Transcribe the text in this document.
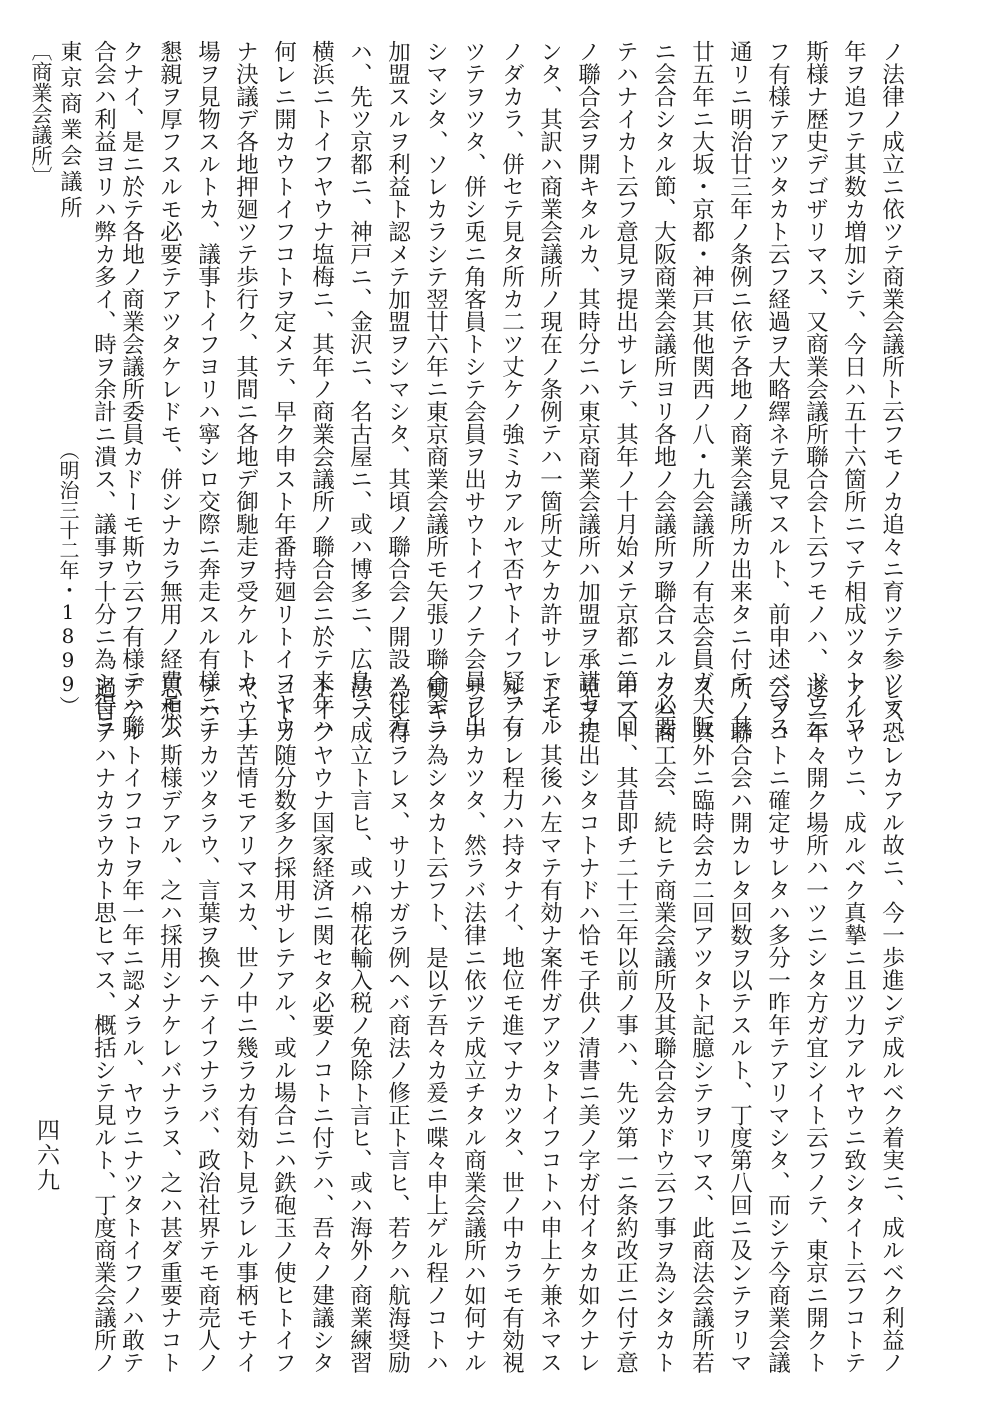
〔商業会議所〕 東京商業会議所
（明治三十二年・1899）	ノ法律ノ成立ニ依ツテ商業会議所ト云フモノカ追々ニ育ツテ参ツテ、
年ヲ追フテ其数カ増加シテ、今日ハ五十六箇所ニマテ相成ツタトイフ
斯様ナ歴史デゴザリマス、又商業会議所聯合会ト云フモノハ、ドウ云
フ有様テアツタカト云フ経過ヲ大略繹ネテ見マスルト、前申述ベマス
通リニ明治廿三年ノ条例ニ依テ各地ノ商業会議所カ出来タニ付テ、其
廿五年ニ大坂・京都・神戸其他関西ノ八・九会議所ノ有志会員ガ大阪
ニ会合シタル節、大阪商業会議所ヨリ各地ノ会議所ヲ聯合スルカ必要
テハナイカト云フ意見ヲ提出サレテ、其年ノ十月始メテ京都ニ第一回
ノ聯合会ヲ開キタルカ、其時分ニハ東京商業会議所ハ加盟ヲ承諾セナ
ンタ、其訳ハ商業会議所ノ現在ノ条例テハ一箇所丈ケカ許サレテアル
ノダカラ、併セテ見タ所カ二ツ丈ケノ強ミカアルヤ否ヤトイフ疑ヲ有
ツテヲツタ、併シ兎ニ角客員トシテ会員ヲ出サウトイフノテ会員ヲ出
シマシタ、ソレカラシテ翌廿六年ニ東京商業会議所モ矢張リ聯合会ニ
加盟スルヲ利益ト認メテ加盟ヲシマシタ、其頃ノ聯合会ノ開設ノ仕方
ハ、先ツ京都ニ、神戸ニ、金沢ニ、名古屋ニ、或ハ博多ニ、広島ニ、
横浜ニトイフヤウナ塩梅ニ、其年ノ商業会議所ノ聯合会ニ於テ来年ハ
何レニ開カウトイフコトヲ定メテ、早ク申スト年番持廻リトイフヤウ
ナ決議デ各地押廻ツテ歩行ク、其間ニ各地デ御馳走ヲ受ケルトカ、工
場ヲ見物スルトカ、議事トイフヨリハ寧シロ交際ニ奔走スル有様ニテ
懇親ヲ厚フスルモ必要テアツタケレドモ、併シナカラ無用ノ経費モ少
クナイ、是ニ於テ各地ノ商業会議所委員カドーモ斯ウ云フ有様テハ聯
合会ハ利益ヨリハ弊カ多イ、時ヲ余計ニ潰ス、議事ヲ十分ニ為シ得ラ
レヌ恐レカアル故ニ、今一歩進ンデ成ルベク着実ニ、成ルベク利益ノ
アルヤウニ、成ルベク真摯ニ且ツ力アルヤウニ致シタイト云フコトテ
遂ニ年々開ク場所ハ一ツニシタ方ガ宜シイト云フノテ、東京ニ開クト
云フコトニ確定サレタハ多分一昨年テアリマシタ、而シテ今商業会議
所ノ聯合会ハ開カレタ回数ヲ以テスルト、丁度第八回ニ及ンテヲリマ
ス、其外ニ臨時会カ二回アツタト記臆シテヲリマス、此商法会議所若
クハ商工会、続ヒテ商業会議所及其聯合会カドウ云フ事ヲ為シタカト
申スト、其昔即チ二十三年以前ノ事ハ、先ツ第一ニ条約改正ニ付テ意
見ヲ提出シタコトナドハ恰モ子供ノ清書ニ美ノ字ガ付イタカ如クナレ
ドモ、其後ハ左マテ有効ナ案件ガアツタトイフコトハ申上ケ兼ネマス
ル、ソレ程力ハ持タナイ、地位モ進マナカツタ、世ノ中カラモ有効視
サレナカツタ、然ラバ法律ニ依ツテ成立チタル商業会議所ハ如何ナル
働キヲ為シタカト云フト、是以テ吾々カ爰ニ喋々申上ゲル程ノコトハ
為シ得ラレヌ、サリナガラ例ヘバ商法ノ修正ト言ヒ、若クハ航海奨励
法ノ成立ト言ヒ、或ハ棉花輸入税ノ免除ト言ヒ、或ハ海外ノ商業練習
トイフヤウナ国家経済ニ関セタ必要ノコトニ付テハ、吾々ノ建議シタ
コトカ随分数多ク採用サレテアル、或ル場合ニハ鉄砲玉ノ使ヒトイフ
ヤウナ苦情モアリマスカ、世ノ中ニ幾ラカ有効ト見ラレル事柄モナイ
テハナカツタラウ、言葉ヲ換ヘテイフナラバ、政治社界テモ商売人ノ
思想ハ斯様デアル、之ハ採用シナケレバナラヌ、之ハ甚ダ重要ナコト
デアルトイフコトヲ年一年ニ認メラル、ヤウニナツタトイフノハ敢テ
過言テハナカラウカト思ヒマス、概括シテ見ルト、丁度商業会議所ノ
四六九
